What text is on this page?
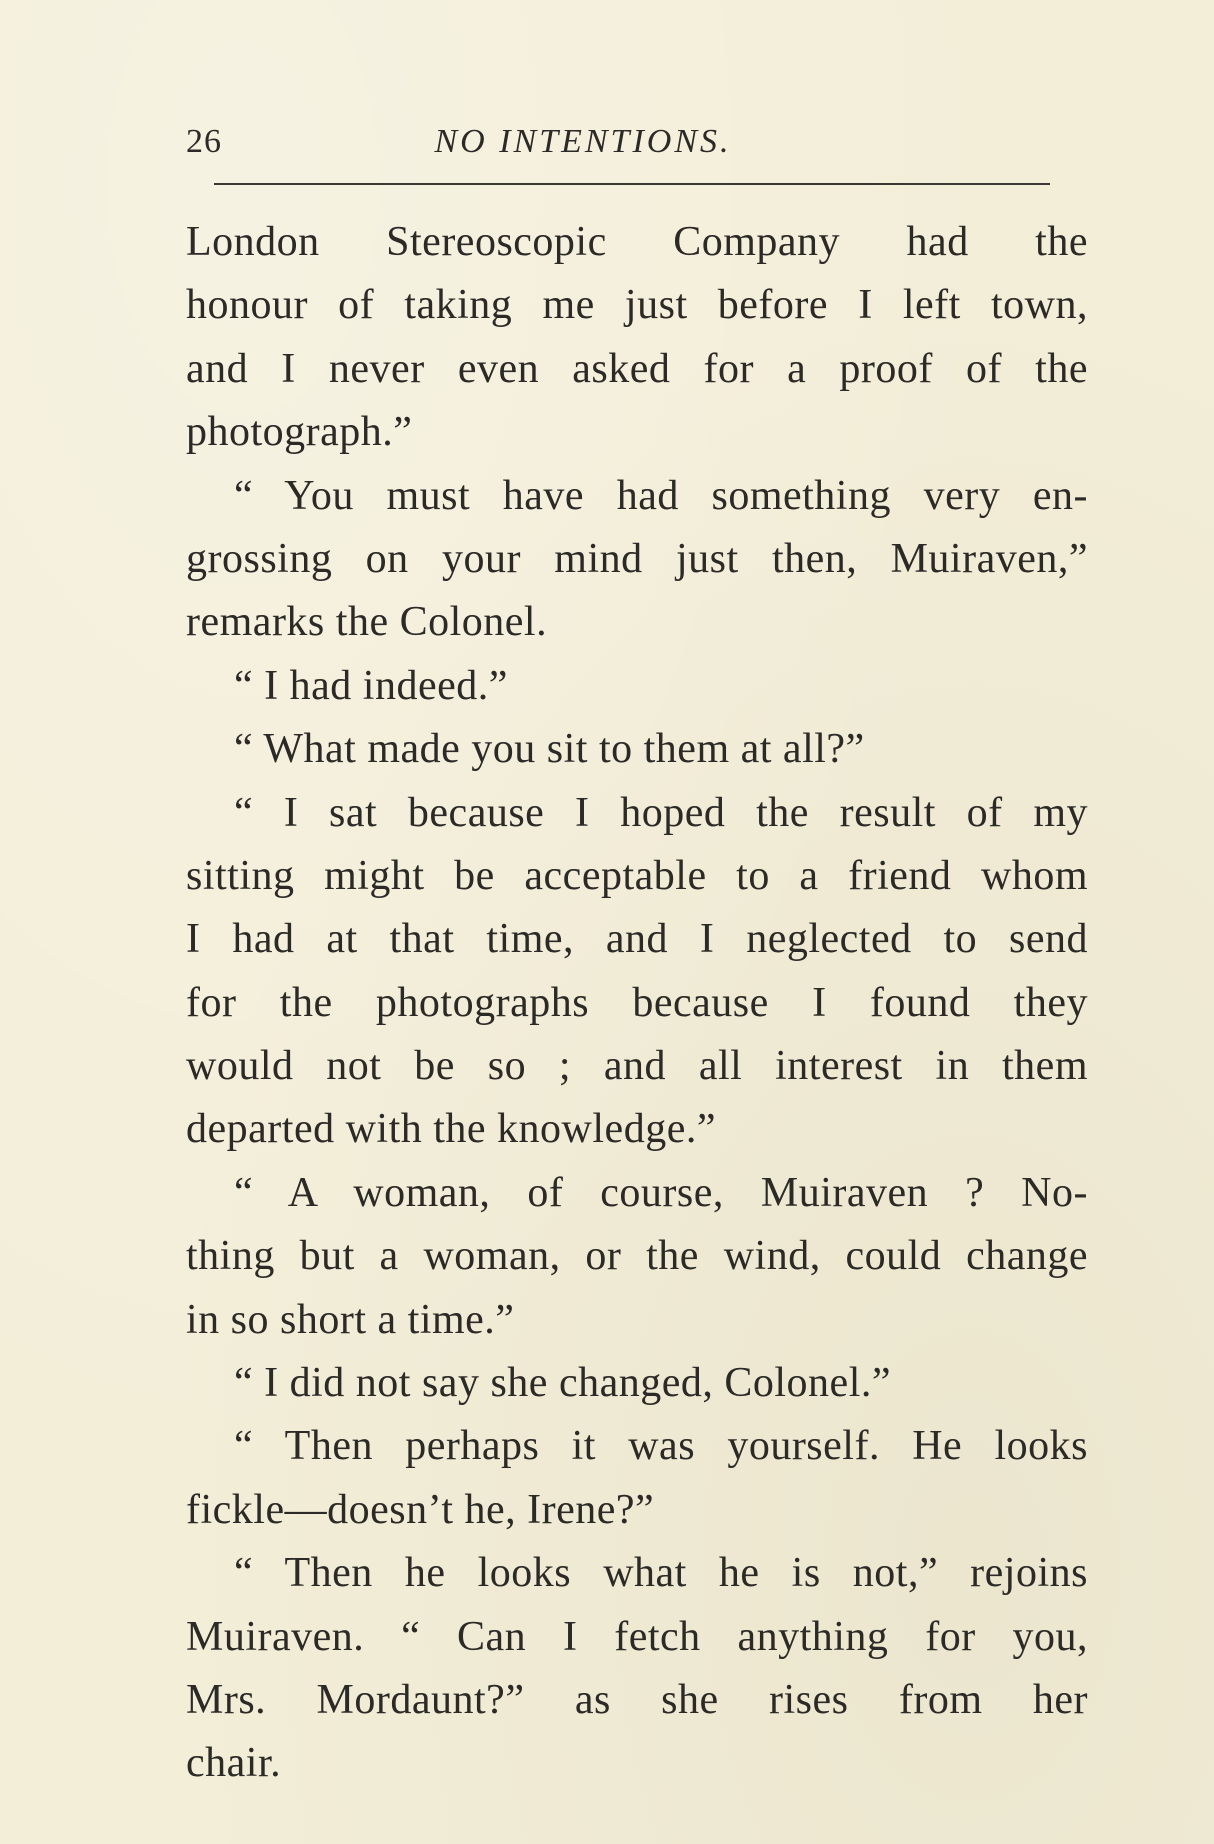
26	NO INTENTIONS.
London Stereoscopic Company had the
honour of taking me just before I left town,
and I never even asked for a proof of the
photograph.”
“ You must have had something very en-
grossing on your mind just then, Muiraven,”
remarks the Colonel.
“ I had indeed.”
“ What made you sit to them at all?”
“ I sat because I hoped the result of my
sitting might be acceptable to a friend whom
I had at that time, and I neglected to send
for the photographs because I found they
would not be so ; and all interest in them
departed with the knowledge.”
“ A woman, of course, Muiraven ? No-
thing but a woman, or the wind, could change
in so short a time.”
“ I did not say she changed, Colonel.”
“ Then perhaps it was yourself. He looks
fickle—doesn’t he, Irene?”
“ Then he looks what he is not,” rejoins
Muiraven. “ Can I fetch anything for you,
Mrs. Mordaunt?” as she rises from her
chair.
